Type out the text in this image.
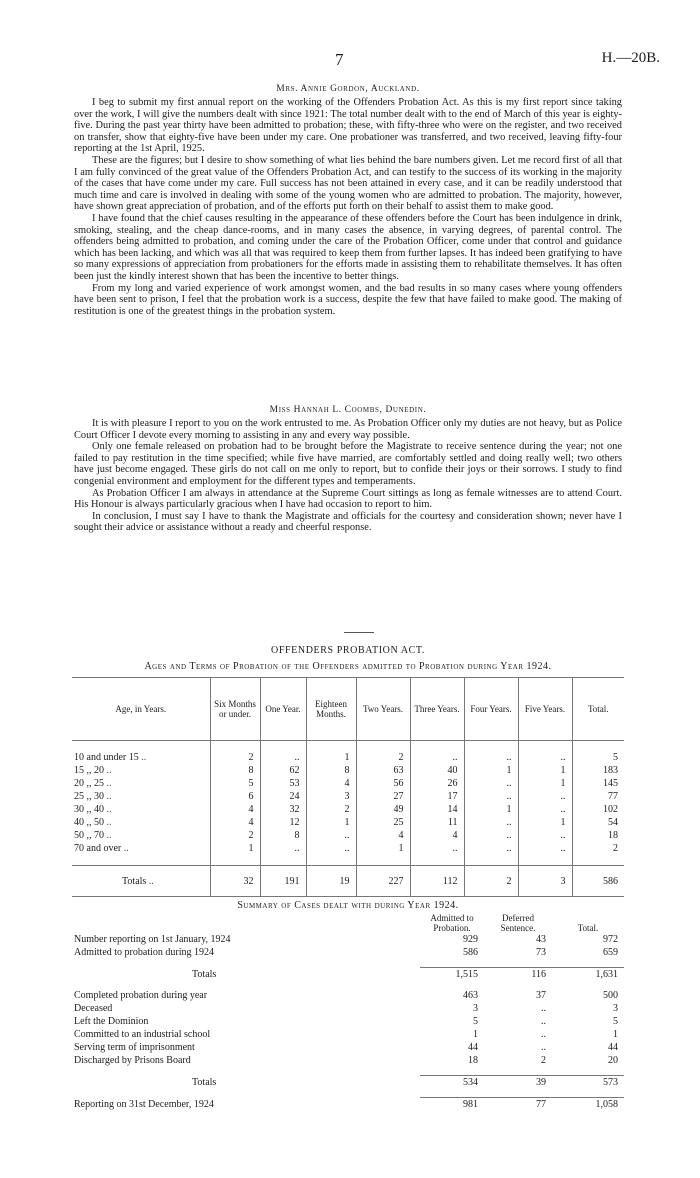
7	H.—20B.
Mrs. Annie Gordon, Auckland.

I beg to submit my first annual report on the working of the Offenders Probation Act. As this is my first report since taking over the work, I will give the numbers dealt with since 1921: The total number dealt with to the end of March of this year is eighty-five. During the past year thirty have been admitted to probation; these, with fifty-three who were on the register, and two received on transfer, show that eighty-five have been under my care. One probationer was transferred, and two received, leaving fifty-four reporting at the 1st April, 1925.

These are the figures; but I desire to show something of what lies behind the bare numbers given. Let me record first of all that I am fully convinced of the great value of the Offenders Probation Act, and can testify to the success of its working in the majority of the cases that have come under my care. Full success has not been attained in every case, and it can be readily understood that much time and care is involved in dealing with some of the young women who are admitted to probation. The majority, however, have shown great appreciation of probation, and of the efforts put forth on their behalf to assist them to make good.

I have found that the chief causes resulting in the appearance of these offenders before the Court has been indulgence in drink, smoking, stealing, and the cheap dance-rooms, and in many cases the absence, in varying degrees, of parental control. The offenders being admitted to probation, and coming under the care of the Probation Officer, come under that control and guidance which has been lacking, and which was all that was required to keep them from further lapses. It has indeed been gratifying to have so many expressions of appreciation from probationers for the efforts made in assisting them to rehabilitate themselves. It has often been just the kindly interest shown that has been the incentive to better things.

From my long and varied experience of work amongst women, and the bad results in so many cases where young offenders have been sent to prison, I feel that the probation work is a success, despite the few that have failed to make good. The making of restitution is one of the greatest things in the probation system.

Miss Hannah L. Coombs, Dunedin.

It is with pleasure I report to you on the work entrusted to me. As Probation Officer only my duties are not heavy, but as Police Court Officer I devote every morning to assisting in any and every way possible.

Only one female released on probation had to be brought before the Magistrate to receive sentence during the year; not one failed to pay restitution in the time specified; while five have married, are comfortably settled and doing really well; two others have just become engaged. These girls do not call on me only to report, but to confide their joys or their sorrows. I study to find congenial environment and employment for the different types and temperaments.

As Probation Officer I am always in attendance at the Supreme Court sittings as long as female witnesses are to attend Court. His Honour is always particularly gracious when I have had occasion to report to him.

In conclusion, I must say I have to thank the Magistrate and officials for the courtesy and consideration shown; never have I sought their advice or assistance without a ready and cheerful response.

OFFENDERS PROBATION ACT.
Ages and Terms of Probation of the Offenders admitted to Probation during Year 1924.
Age, in Years.	Six Months or under.	One Year.	Eighteen Months.	Two Years.	Three Years.	Four Years.	Five Years.	Total.

10 and under 15 ..	2	..	1	2	..	..	..	5
15 ,, 20 ..	8	62	8	63	40	1	1	183
20 ,, 25 ..	5	53	4	56	26	..	1	145
25 ,, 30 ..	6	24	3	27	17	..	..	77
30 ,, 40 ..	4	32	2	49	14	1	..	102
40 ,, 50 ..	4	12	1	25	11	..	1	54
50 ,, 70 ..	2	8	..	4	4	..	..	18
70 and over ..	1	..	..	1	..	..	..	2

Totals ..	32	191	19	227	112	2	3	586
Summary of Cases dealt with during Year 1924.
	Admitted to Probation.	Deferred Sentence.	Total.
Number reporting on 1st January, 1924	929	43	972
Admitted to probation during 1924	586	73	659

Totals	1,515	116	1,631

Completed probation during year	463	37	500
Deceased	3	..	3
Left the Dominion	5	..	5
Committed to an industrial school	1	..	1
Serving term of imprisonment	44	..	44
Discharged by Prisons Board	18	2	20

Totals	534	39	573

Reporting on 31st December, 1924	981	77	1,058
